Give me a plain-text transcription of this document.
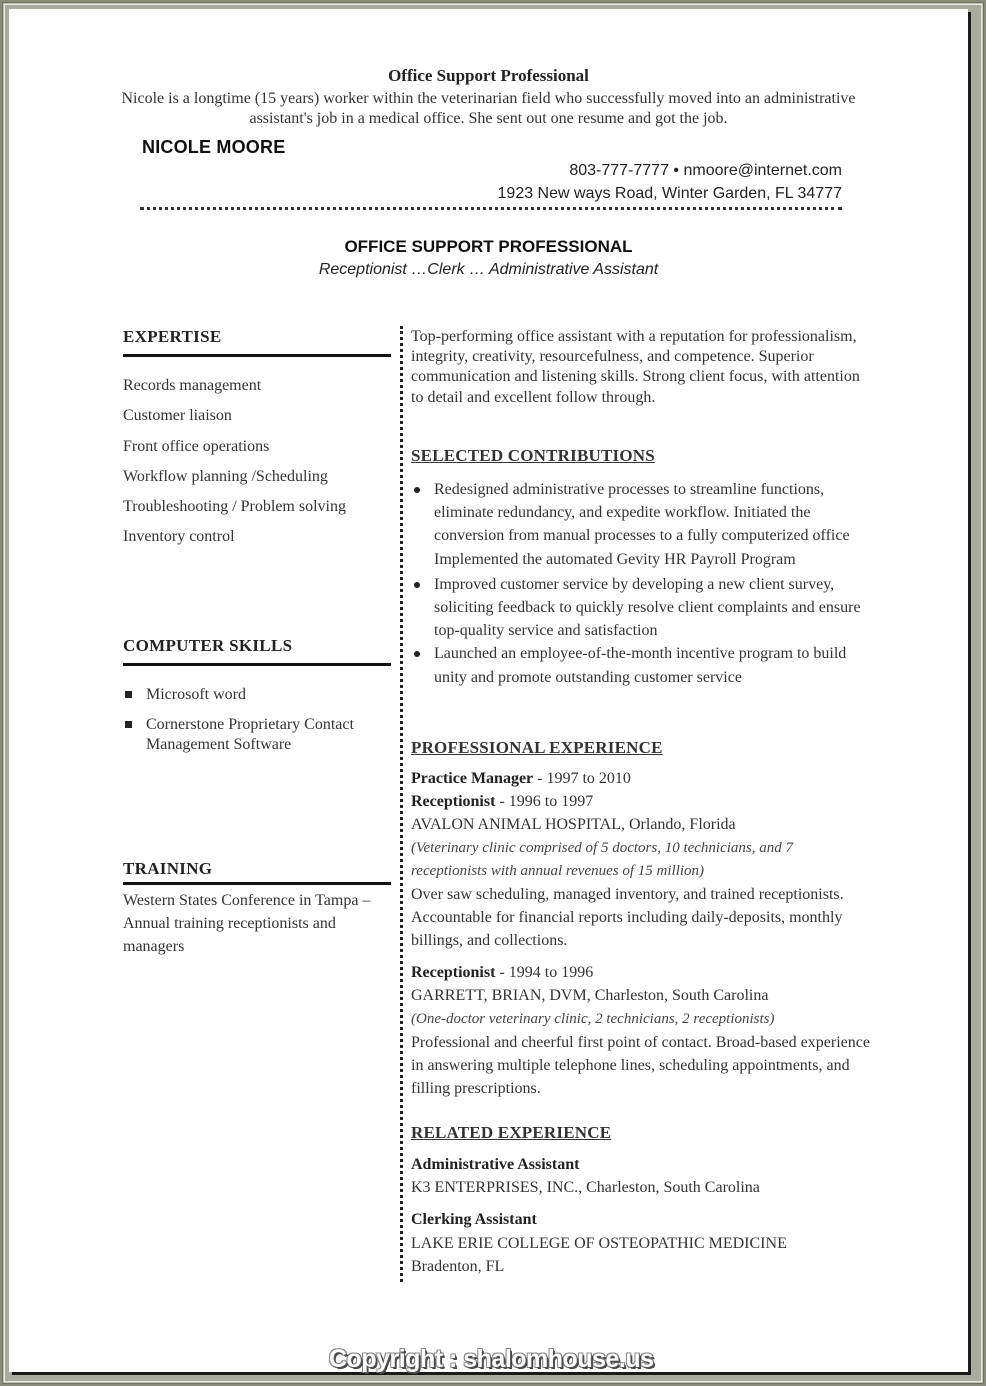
Office Support Professional
Nicole is a longtime (15 years) worker within the veterinarian field who successfully moved into an administrative assistant's job in a medical office. She sent out one resume and got the job.
NICOLE MOORE
803-777-7777 • nmoore@internet.com
1923 New ways Road, Winter Garden, FL 34777
OFFICE SUPPORT PROFESSIONAL
Receptionist …Clerk … Administrative Assistant
EXPERTISE
Records management
Customer liaison
Front office operations
Workflow planning /Scheduling
Troubleshooting / Problem solving
Inventory control
COMPUTER SKILLS
Microsoft word
Cornerstone Proprietary Contact Management Software
TRAINING
Western States Conference in Tampa – Annual training receptionists and managers
Top-performing office assistant with a reputation for professionalism, integrity, creativity, resourcefulness, and competence. Superior communication and listening skills. Strong client focus, with attention to detail and excellent follow through.
SELECTED CONTRIBUTIONS
Redesigned administrative processes to streamline functions, eliminate redundancy, and expedite workflow. Initiated the conversion from manual processes to a fully computerized office Implemented the automated Gevity HR Payroll Program
Improved customer service by developing a new client survey, soliciting feedback to quickly resolve client complaints and ensure top-quality service and satisfaction
Launched an employee-of-the-month incentive program to build unity and promote outstanding customer service
PROFESSIONAL EXPERIENCE
Practice Manager - 1997 to 2010
Receptionist - 1996 to 1997
AVALON ANIMAL HOSPITAL, Orlando, Florida
(Veterinary clinic comprised of 5 doctors, 10 technicians, and 7 receptionists with annual revenues of 15 million)
Over saw scheduling, managed inventory, and trained receptionists. Accountable for financial reports including daily-deposits, monthly billings, and collections.
Receptionist - 1994 to 1996
GARRETT, BRIAN, DVM, Charleston, South Carolina
(One-doctor veterinary clinic, 2 technicians, 2 receptionists)
Professional and cheerful first point of contact. Broad-based experience in answering multiple telephone lines, scheduling appointments, and filling prescriptions.
RELATED EXPERIENCE
Administrative Assistant
K3 ENTERPRISES, INC., Charleston, South Carolina
Clerking Assistant
LAKE ERIE COLLEGE OF OSTEOPATHIC MEDICINE
Bradenton, FL
Copyright : shalomhouse.us
